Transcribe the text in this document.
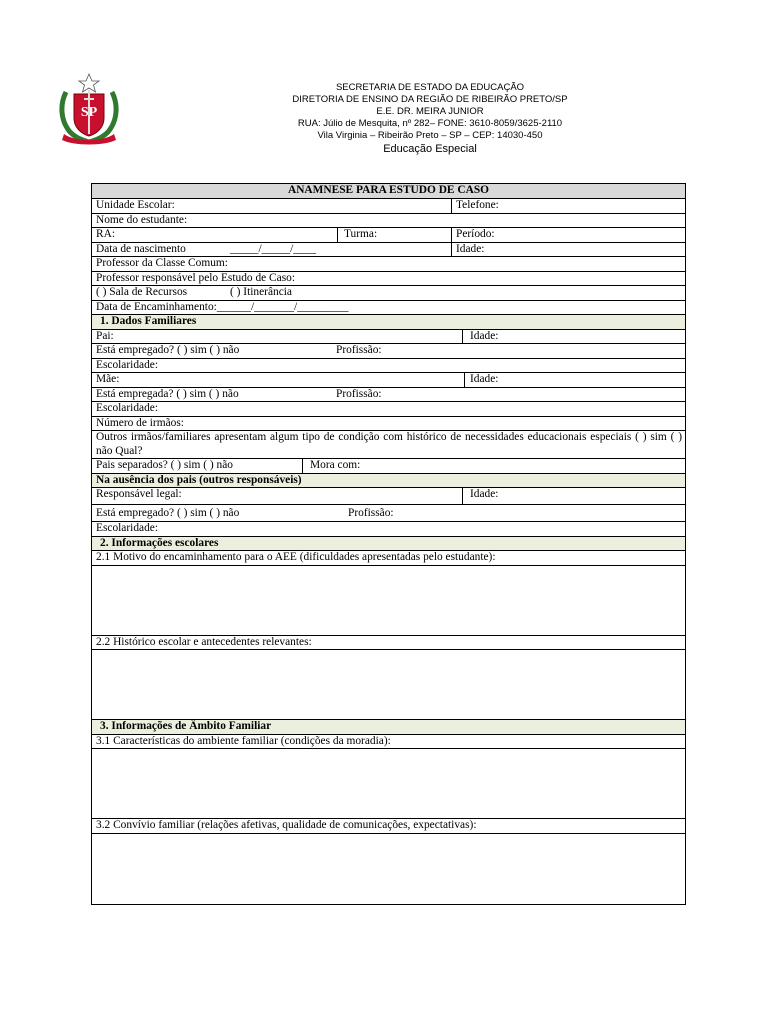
SP
SECRETARIA DE ESTADO DA EDUCAÇÃO
DIRETORIA DE ENSINO DA REGIÃO DE RIBEIRÃO PRETO/SP
E.E. DR. MEIRA JUNIOR
RUA: Júlio de Mesquita, nº 282– FONE: 3610-8059/3625-2110
Vila Virginia – Ribeirão Preto – SP – CEP: 14030-450
Educação Especial
ANAMNESE PARA ESTUDO DE CASO
Unidade Escolar:	Telefone:
Nome do estudante:
RA:	Turma:	Período:
Data de nascimento	_____/_____/____	Idade:
Professor da Classe Comum:
Professor responsável pelo Estudo de Caso:
( ) Sala de Recursos	( ) Itinerância
Data de Encaminhamento:______/_______/_________
1. Dados Familiares
Pai:	Idade:
Está empregado? ( ) sim ( ) não	Profissão:
Escolaridade:
Mãe:	Idade:
Está empregada? ( ) sim ( ) não	Profissão:
Escolaridade:
Número de irmãos:
Outros irmãos/familiares apresentam algum tipo de condição com histórico de necessidades educacionais especiais ( ) sim ( ) não Qual?
Pais separados? ( ) sim ( ) não	Mora com:
Na ausência dos pais (outros responsáveis)
Responsável legal:	Idade:
Está empregado? ( ) sim ( ) não	Profissão:
Escolaridade:
2. Informações escolares
2.1 Motivo do encaminhamento para o AEE (dificuldades apresentadas pelo estudante):
2.2 Histórico escolar e antecedentes relevantes:
3. Informações de Âmbito Familiar
3.1 Características do ambiente familiar (condições da moradia):
3.2 Convívio familiar (relações afetivas, qualidade de comunicações, expectativas):
